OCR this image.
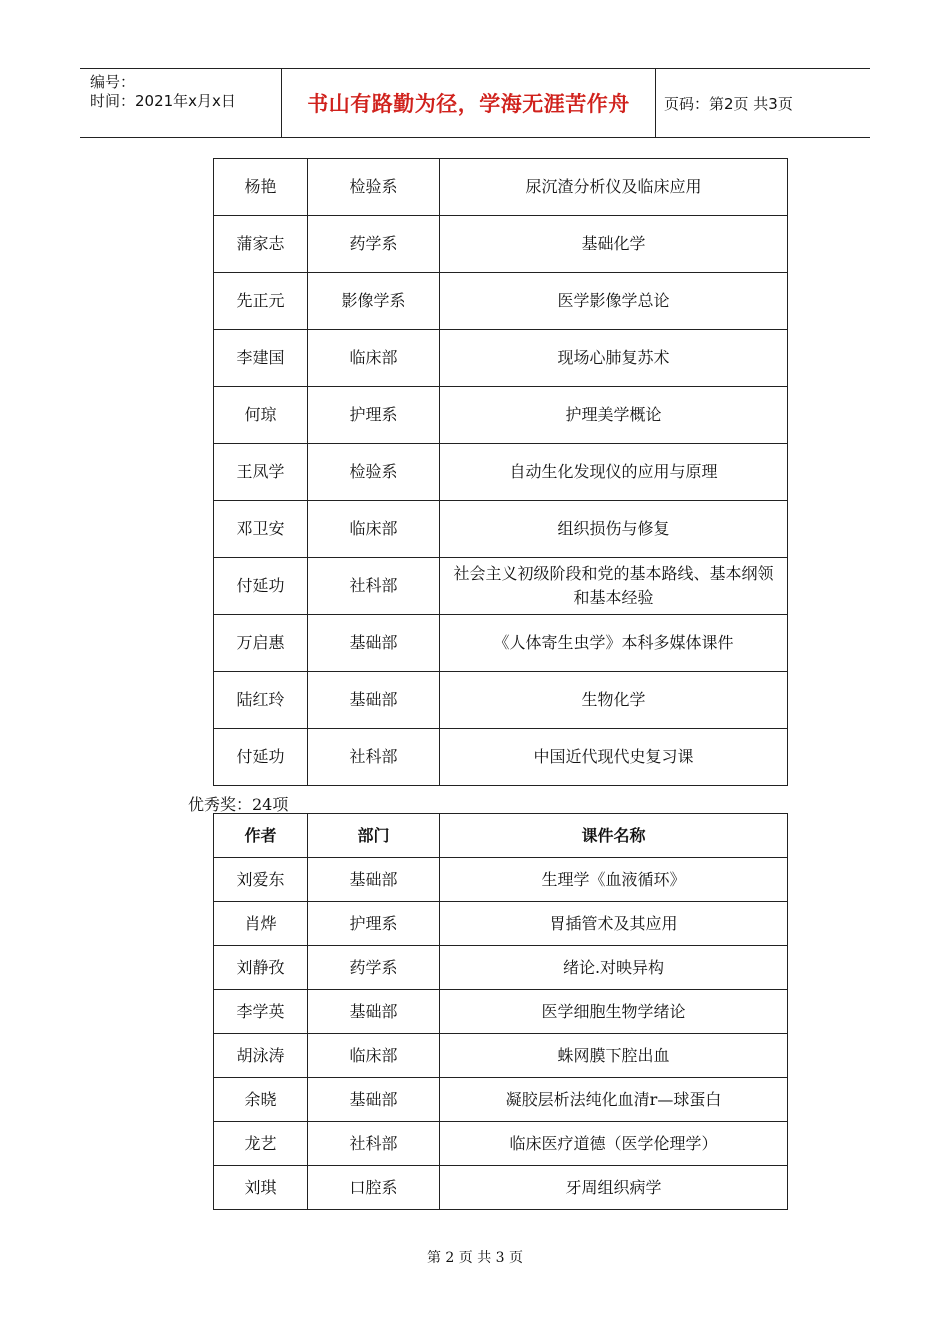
编号：
时间：2021年x月x日	书山有路勤为径，学海无涯苦作舟	页码：第2页 共3页
杨艳	检验系	尿沉渣分析仪及临床应用
蒲家志	药学系	基础化学
先正元	影像学系	医学影像学总论
李建国	临床部	现场心肺复苏术
何琼	护理系	护理美学概论
王凤学	检验系	自动生化发现仪的应用与原理
邓卫安	临床部	组织损伤与修复
付延功	社科部	社会主义初级阶段和党的基本路线、基本纲领和基本经验
万启惠	基础部	《人体寄生虫学》本科多媒体课件
陆红玲	基础部	生物化学
付延功	社科部	中国近代现代史复习课
优秀奖：24项
作者	部门	课件名称
刘爱东	基础部	生理学《血液循环》
肖烨	护理系	胃插管术及其应用
刘静孜	药学系	绪论.对映异构
李学英	基础部	医学细胞生物学绪论
胡泳涛	临床部	蛛网膜下腔出血
余晓	基础部	凝胶层析法纯化血清r—球蛋白
龙艺	社科部	临床医疗道德（医学伦理学）
刘琪	口腔系	牙周组织病学
第 2 页 共 3 页
